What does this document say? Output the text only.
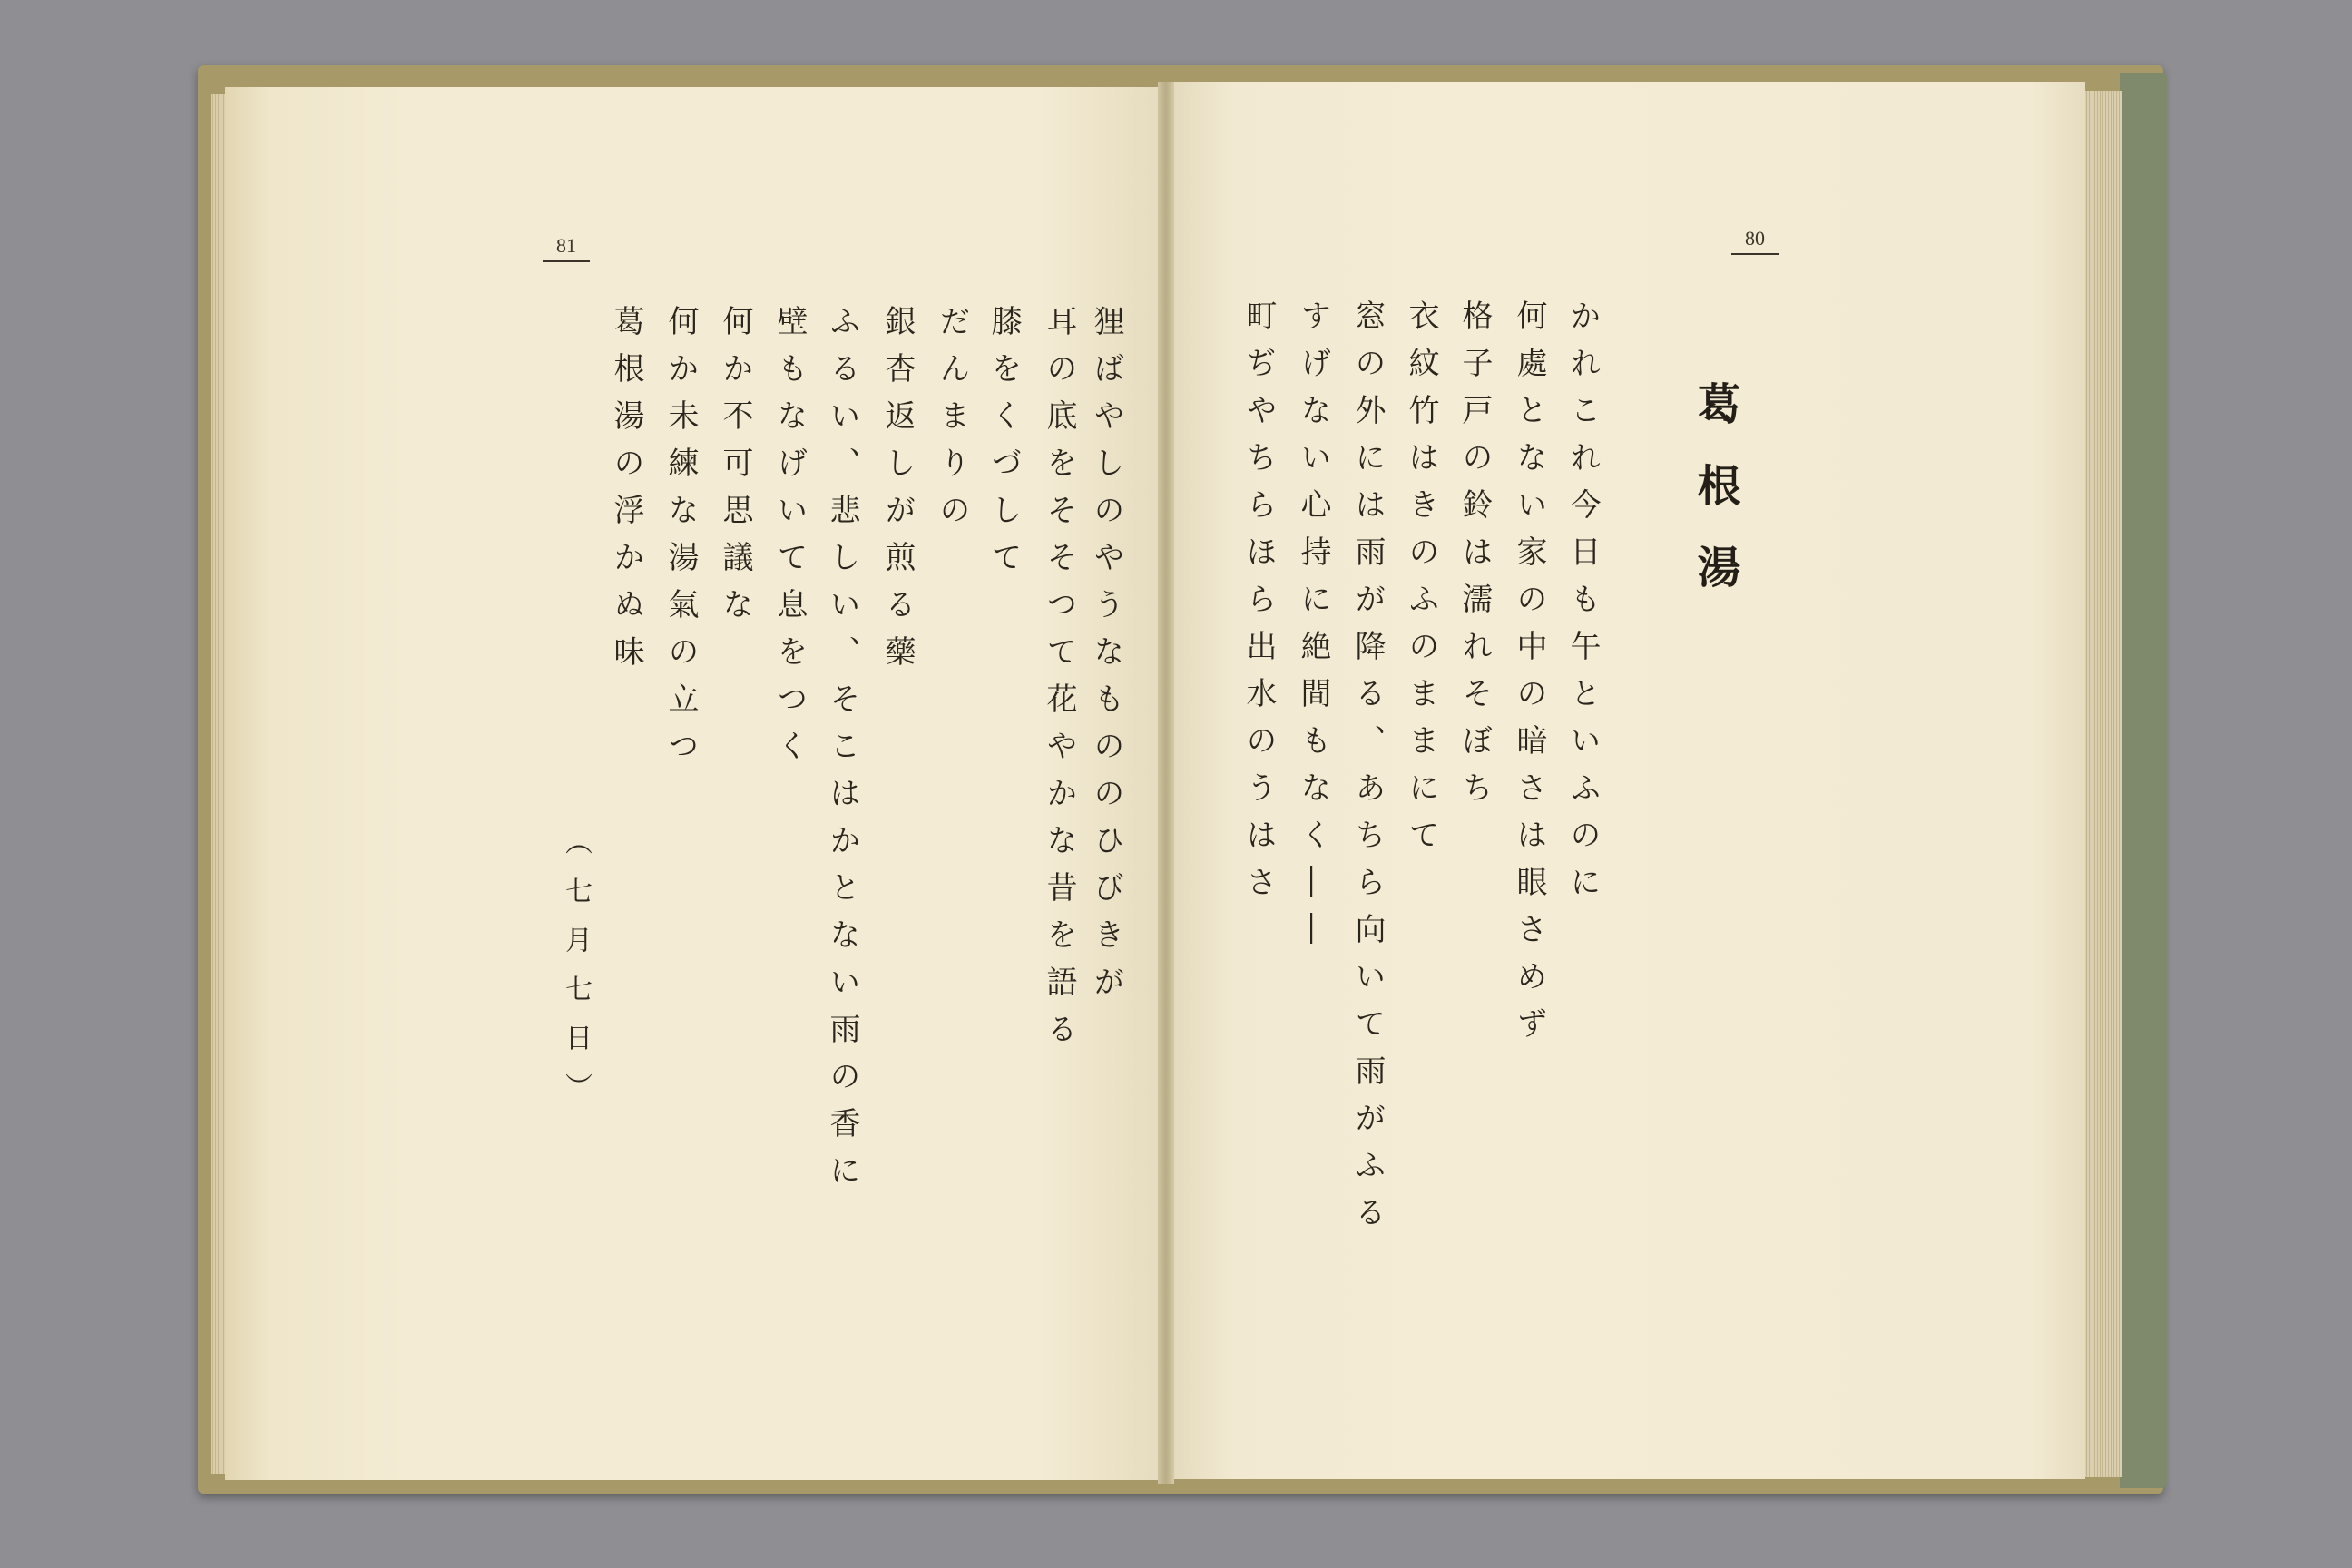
81
狸ばやしのやうなもののひびきが
耳の底をそそつて花やかな昔を語る
膝をくづして
だんまりの
銀杏返しが煎る藥
ふるい、悲しい、そこはかとない雨の香に
壁もなげいて息をつく
何か不可思議な
何か未練な湯氣の立つ
葛根湯の浮かぬ味
（七月七日）
80
葛根湯
かれこれ今日も午といふのに
何處とない家の中の暗さは眼さめず
格子戸の鈴は濡れそぼち
衣紋竹はきのふのままにて
窓の外には雨が降る、あちら向いて雨がふる
すげない心持に絶間もなく――
町ぢやちらほら出水のうはさ
